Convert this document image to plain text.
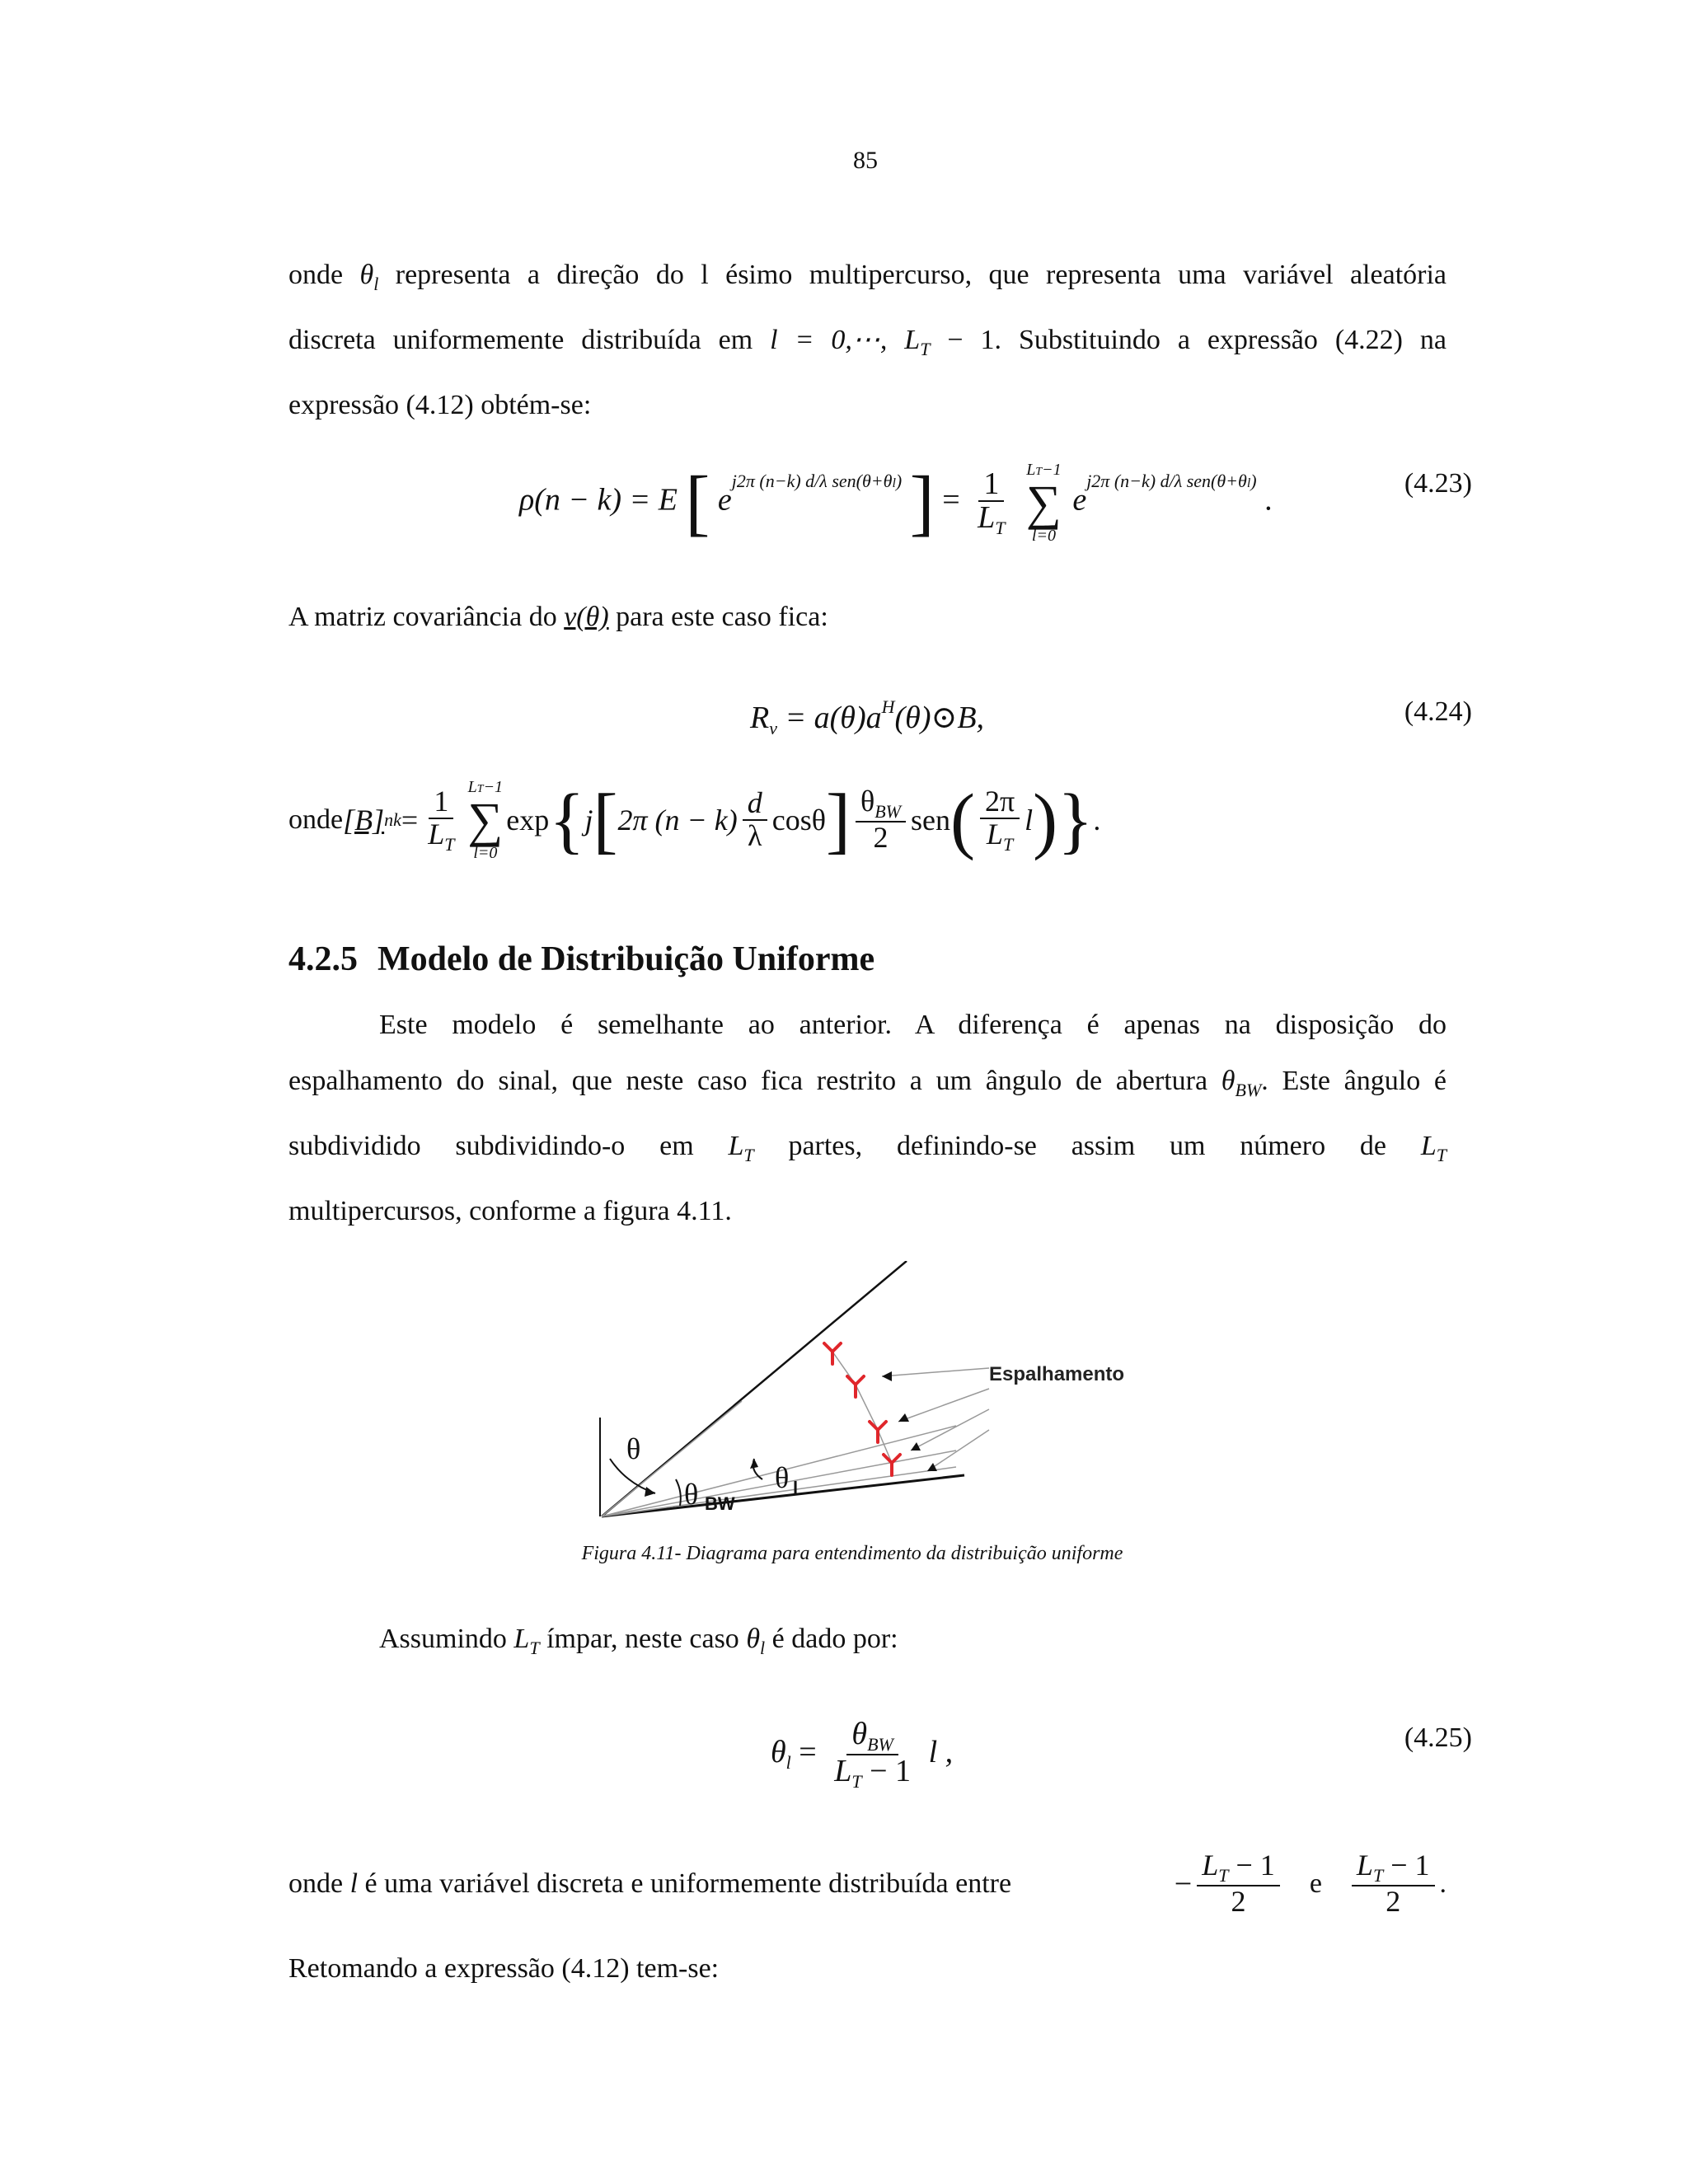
85
onde $\theta_l$ representa a direção do l ésimo multipercurso, que representa uma variável aleatória
discreta uniformemente distribuída em l = 0,⋯, $L_T - 1$. Substituindo a expressão (4.22) na
expressão (4.12) obtém-se:
ρ(n − k) = E [ $e^{j2\pi (n-k) d/\lambda sen(\theta+\theta l)}$ ] = $\frac{1}{L_T}$
LT−1
∑
l=0
$e^{j2\pi (n-k) d/\lambda sen(\theta+\theta l)}$ .	(4.23)
A matriz covariância do v(θ) para este caso fica:
$R_v$ = $a(\theta)a^H(\theta)⊙B$,	(4.24)
onde [B] nk = $\frac{1}{L_T} LT-1$
∑
l=0
exp { j [ 2π $(n - k) \frac{d}{\lambda}$ cosθ ] $\frac{\theta_{BW}}{2}$ sen ( $\frac{2\pi}{L_T}$ l ) } .
4.2.5 Modelo de Distribuição Uniforme
Este modelo é semelhante ao anterior. A diferença é apenas na disposição do
espalhamento do sinal, que neste caso fica restrito a um ângulo de abertura $\theta_{BW}$. Este ângulo é
subdividido subdividindo-o em $L_T$ partes, definindo-se assim um número de $L_T$
multipercursos, conforme a figura 4.11.
θ
θ BW
θ l
Espalhamento
Figura 4.11- Diagrama para entendimento da distribuição uniforme
Assumindo $L_T$ ímpar, neste caso $\theta_l$ é dado por:
$\theta_l = \frac{\theta_{BW}}{L_T - 1}$ l ,	(4.25)
onde l é uma variável discreta e uniformemente distribuída entre	− $\frac{L_T - 1}{2}$ e $\frac{L_T - 1}{2}$ .
Retomando a expressão (4.12) tem-se:
